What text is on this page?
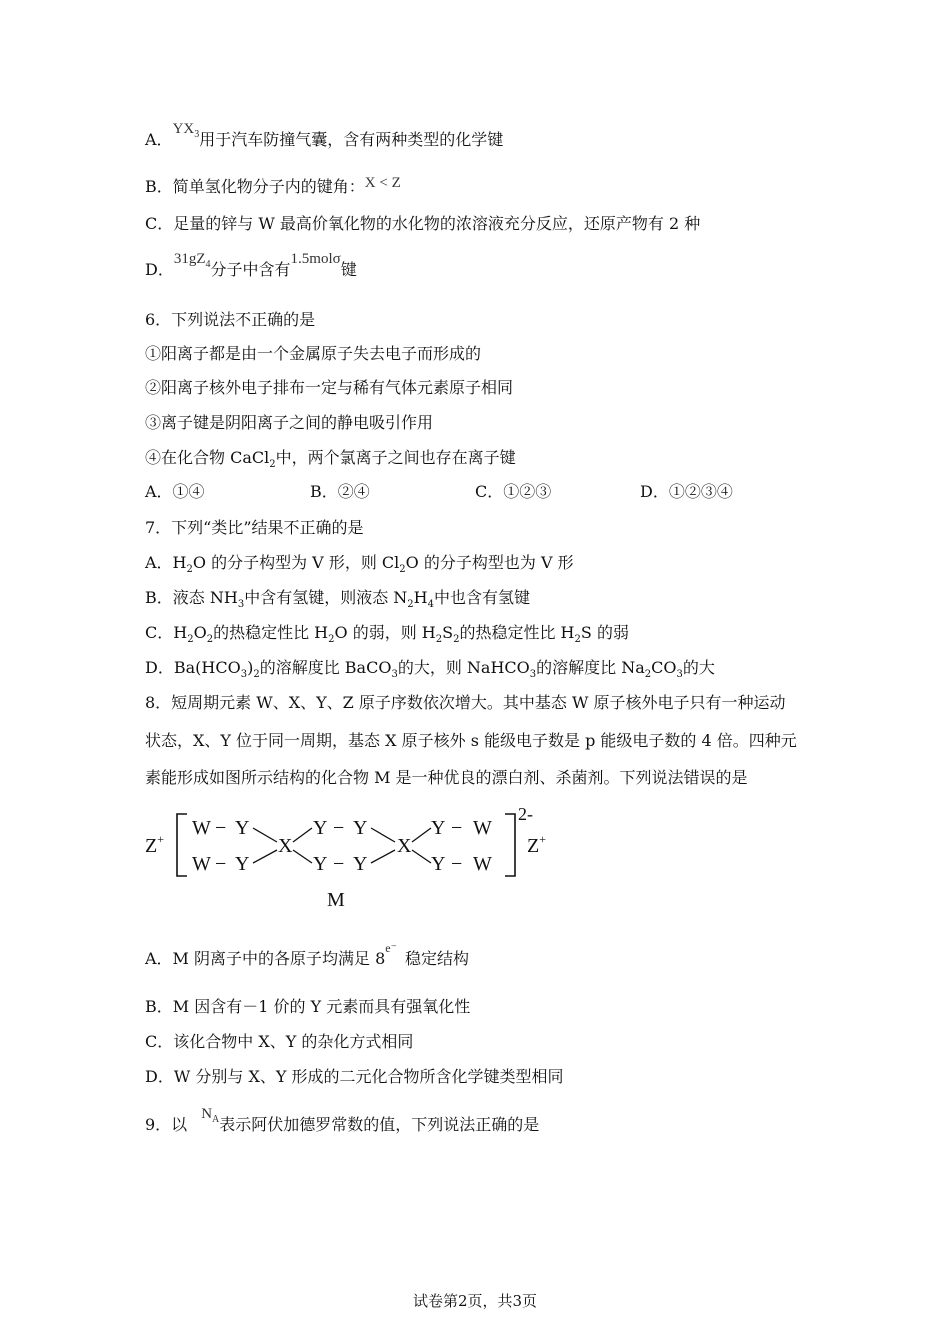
A．$YX_3$用于汽车防撞气囊，含有两种类型的化学键
B．简单氢化物分子内的键角：X < Z
C．足量的锌与 W 最高价氧化物的水化物的浓溶液充分反应，还原产物有 2 种
D．$31gZ_4$分子中含有1.5molσ键
6．下列说法不正确的是
①阳离子都是由一个金属原子失去电子而形成的
②阳离子核外电子排布一定与稀有气体元素原子相同
③离子键是阴阳离子之间的静电吸引作用
④在化合物 CaCl$_2$中，两个氯离子之间也存在离子键
A．①④	B．②④	C．①②③	D．①②③④
7．下列“类比”结果不正确的是
A．$H_2O$ 的分子构型为 V 形，则 $Cl_2O$ 的分子构型也为 V 形
B．液态 $NH_3$中含有氢键，则液态 $N_2H_4$中也含有氢键
C．$H_2O_2$的热稳定性比 $H_2O$ 的弱，则 $H_2S_2$的热稳定性比 $H_2S$ 的弱
D．$Ba(HCO_3)_2$的溶解度比 BaCO$_3$的大，则 NaHCO$_3$的溶解度比 $Na_2CO_3$的大
8．短周期元素 W、X、Y、Z 原子序数依次增大。其中基态 W 原子核外电子只有一种运动
状态，X、Y 位于同一周期，基态 X 原子核外 s 能级电子数是 p 能级电子数的 4 倍。四种元
素能形成如图所示结构的化合物 M 是一种优良的漂白剂、杀菌剂。下列说法错误的是
Z+ W − Y
W − Y
X
Y − Y
Y − Y
X
Y − W
Y − W
2-
Z+
M
A．M 阴离子中的各原子均满足 $8^{e^-}$稳定结构
B．M 因含有－1 价的 Y 元素而具有强氧化性
C．该化合物中 X、Y 的杂化方式相同
D．W 分别与 X、Y 形成的二元化合物所含化学键类型相同
9．以$N_A$表示阿伏加德罗常数的值，下列说法正确的是
试卷第2页，共3页
